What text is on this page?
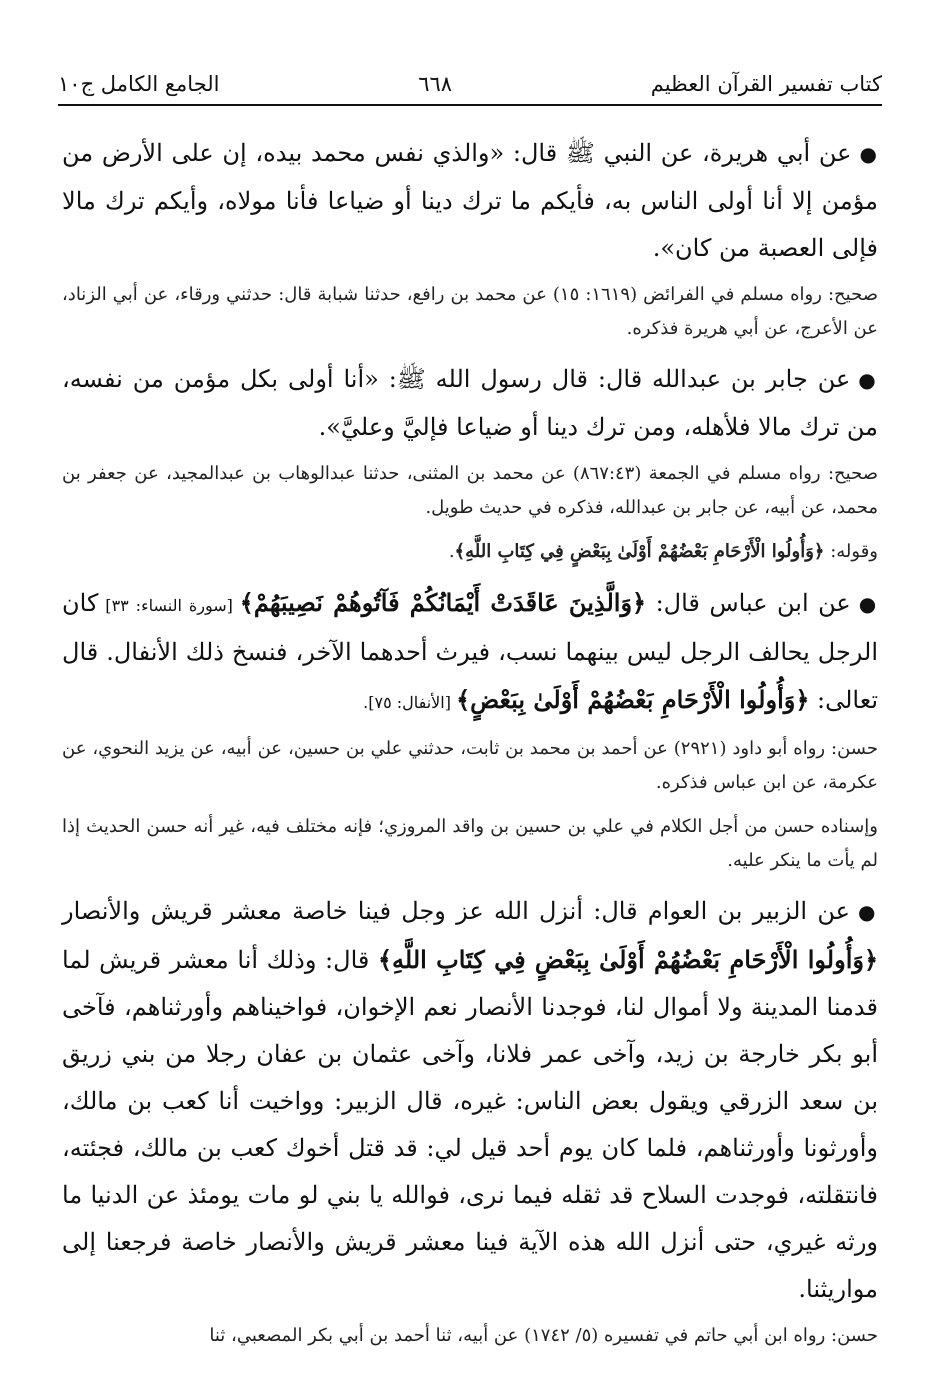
كتاب تفسير القرآن العظيم
٦٦٨
الجامع الكامل ج١٠

●عن أبي هريرة، عن النبي ﷺ قال: «والذي نفس محمد بيده، إن على الأرض من مؤمن إلا أنا أولى الناس به، فأيكم ما ترك دينا أو ضياعا فأنا مولاه، وأيكم ترك مالا فإلى العصبة من كان».

صحيح: رواه مسلم في الفرائض (١٦١٩: ١٥) عن محمد بن رافع، حدثنا شبابة قال: حدثني ورقاء، عن أبي الزناد، عن الأعرج، عن أبي هريرة فذكره.

●عن جابر بن عبدالله قال: قال رسول الله ﷺ: «أنا أولى بكل مؤمن من نفسه، من ترك مالا فلأهله، ومن ترك دينا أو ضياعا فإليَّ وعليَّ».

صحيح: رواه مسلم في الجمعة (٨٦٧:٤٣) عن محمد بن المثنى، حدثنا عبدالوهاب بن عبدالمجيد، عن جعفر بن محمد، عن أبيه، عن جابر بن عبدالله، فذكره في حديث طويل.

وقوله: ﴿وَأُولُوا الْأَرْحَامِ بَعْضُهُمْ أَوْلَىٰ بِبَعْضٍ فِي كِتَابِ اللَّهِ﴾.

●عن ابن عباس قال: ﴿وَالَّذِينَ عَاقَدَتْ أَيْمَانُكُمْ فَآتُوهُمْ نَصِيبَهُمْ﴾ [سورة النساء: ٣٣] كان الرجل يحالف الرجل ليس بينهما نسب، فيرث أحدهما الآخر، فنسخ ذلك الأنفال. قال تعالى: ﴿وَأُولُوا الْأَرْحَامِ بَعْضُهُمْ أَوْلَىٰ بِبَعْضٍ﴾ [الأنفال: ٧٥].

حسن: رواه أبو داود (٢٩٢١) عن أحمد بن محمد بن ثابت، حدثني علي بن حسين، عن أبيه، عن يزيد النحوي، عن عكرمة، عن ابن عباس فذكره.

وإسناده حسن من أجل الكلام في علي بن حسين بن واقد المروزي؛ فإنه مختلف فيه، غير أنه حسن الحديث إذا لم يأت ما ينكر عليه.

●عن الزبير بن العوام قال: أنزل الله عز وجل فينا خاصة معشر قريش والأنصار ﴿وَأُولُوا الْأَرْحَامِ بَعْضُهُمْ أَوْلَىٰ بِبَعْضٍ فِي كِتَابِ اللَّهِ﴾ قال: وذلك أنا معشر قريش لما قدمنا المدينة ولا أموال لنا، فوجدنا الأنصار نعم الإخوان، فواخيناهم وأورثناهم، فآخى أبو بكر خارجة بن زيد، وآخى عمر فلانا، وآخى عثمان بن عفان رجلا من بني زريق بن سعد الزرقي ويقول بعض الناس: غيره، قال الزبير: وواخيت أنا كعب بن مالك، وأورثونا وأورثناهم، فلما كان يوم أحد قيل لي: قد قتل أخوك كعب بن مالك، فجئته، فانتقلته، فوجدت السلاح قد ثقله فيما نرى، فوالله يا بني لو مات يومئذ عن الدنيا ما ورثه غيري، حتى أنزل الله هذه الآية فينا معشر قريش والأنصار خاصة فرجعنا إلى مواريثنا.

حسن: رواه ابن أبي حاتم في تفسيره (٥/ ١٧٤٢) عن أبيه، ثنا أحمد بن أبي بكر المصعبي، ثنا
